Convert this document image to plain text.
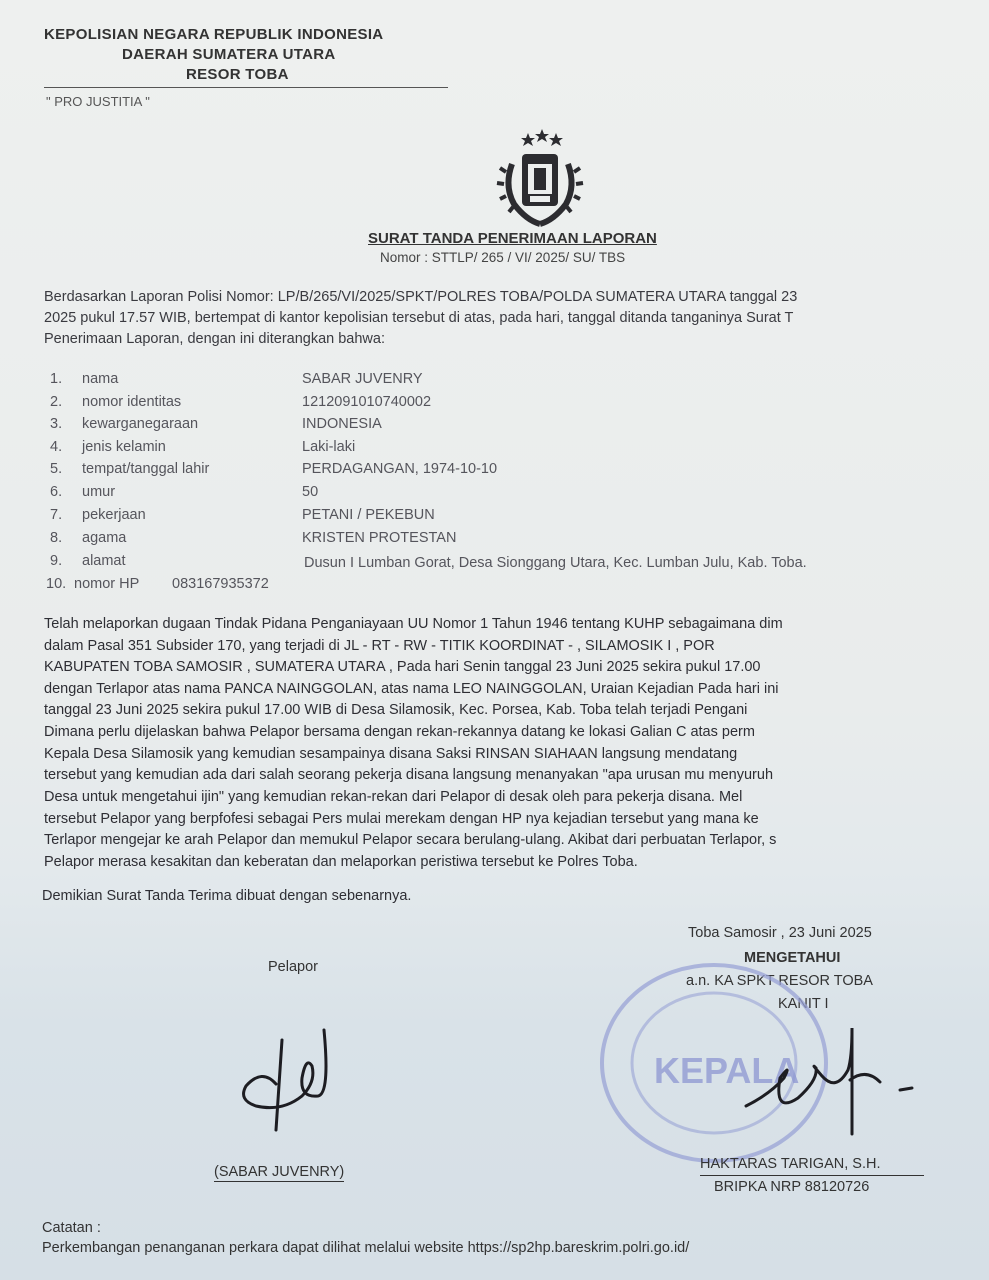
KEPOLISIAN NEGARA REPUBLIK INDONESIA
DAERAH SUMATERA UTARA
RESOR TOBA
" PRO JUSTITIA "
SURAT TANDA PENERIMAAN LAPORAN
Nomor : STTLP/ 265 / VI/ 2025/ SU/ TBS
Berdasarkan Laporan Polisi Nomor: LP/B/265/VI/2025/SPKT/POLRES TOBA/POLDA SUMATERA UTARA tanggal 23
2025 pukul 17.57 WIB, bertempat di kantor kepolisian tersebut di atas, pada hari, tanggal ditanda tanganinya Surat T
Penerimaan Laporan, dengan ini diterangkan bahwa:
1. nama	SABAR JUVENRY
2. nomor identitas	1212091010740002
3. kewarganegaraan	INDONESIA
4. jenis kelamin	Laki-laki
5. tempat/tanggal lahir	PERDAGANGAN, 1974-10-10
6. umur	50
7. pekerjaan	PETANI / PEKEBUN
8. agama	KRISTEN PROTESTAN
9. alamat	Dusun I Lumban Gorat, Desa Sionggang Utara, Kec. Lumban Julu, Kab. Toba.
10. nomor HP 083167935372
Telah melaporkan dugaan Tindak Pidana Penganiayaan UU Nomor 1 Tahun 1946 tentang KUHP sebagaimana dim
dalam Pasal 351 Subsider 170, yang terjadi di JL - RT - RW - TITIK KOORDINAT - , SILAMOSIK I , POR
KABUPATEN TOBA SAMOSIR , SUMATERA UTARA , Pada hari Senin tanggal 23 Juni 2025 sekira pukul 17.00
dengan Terlapor atas nama PANCA NAINGGOLAN, atas nama LEO NAINGGOLAN, Uraian Kejadian Pada hari ini
tanggal 23 Juni 2025 sekira pukul 17.00 WIB di Desa Silamosik, Kec. Porsea, Kab. Toba telah terjadi Pengani
Dimana perlu dijelaskan bahwa Pelapor bersama dengan rekan-rekannya datang ke lokasi Galian C atas perm
Kepala Desa Silamosik yang kemudian sesampainya disana Saksi RINSAN SIAHAAN langsung mendatang
tersebut yang kemudian ada dari salah seorang pekerja disana langsung menanyakan "apa urusan mu menyuruh
Desa untuk mengetahui ijin" yang kemudian rekan-rekan dari Pelapor di desak oleh para pekerja disana. Mel
tersebut Pelapor yang berpfofesi sebagai Pers mulai merekam dengan HP nya kejadian tersebut yang mana ke
Terlapor mengejar ke arah Pelapor dan memukul Pelapor secara berulang-ulang. Akibat dari perbuatan Terlapor, s
Pelapor merasa kesakitan dan keberatan dan melaporkan peristiwa tersebut ke Polres Toba.
Demikian Surat Tanda Terima dibuat dengan sebenarnya.
Toba Samosir , 23 Juni 2025
MENGETAHUI
a.n. KA SPKT RESOR TOBA
KANIT I
Pelapor
KEPALA
(SABAR JUVENRY)	HAKTARAS TARIGAN, S.H.
BRIPKA NRP 88120726
Catatan :
Perkembangan penanganan perkara dapat dilihat melalui website https://sp2hp.bareskrim.polri.go.id/
